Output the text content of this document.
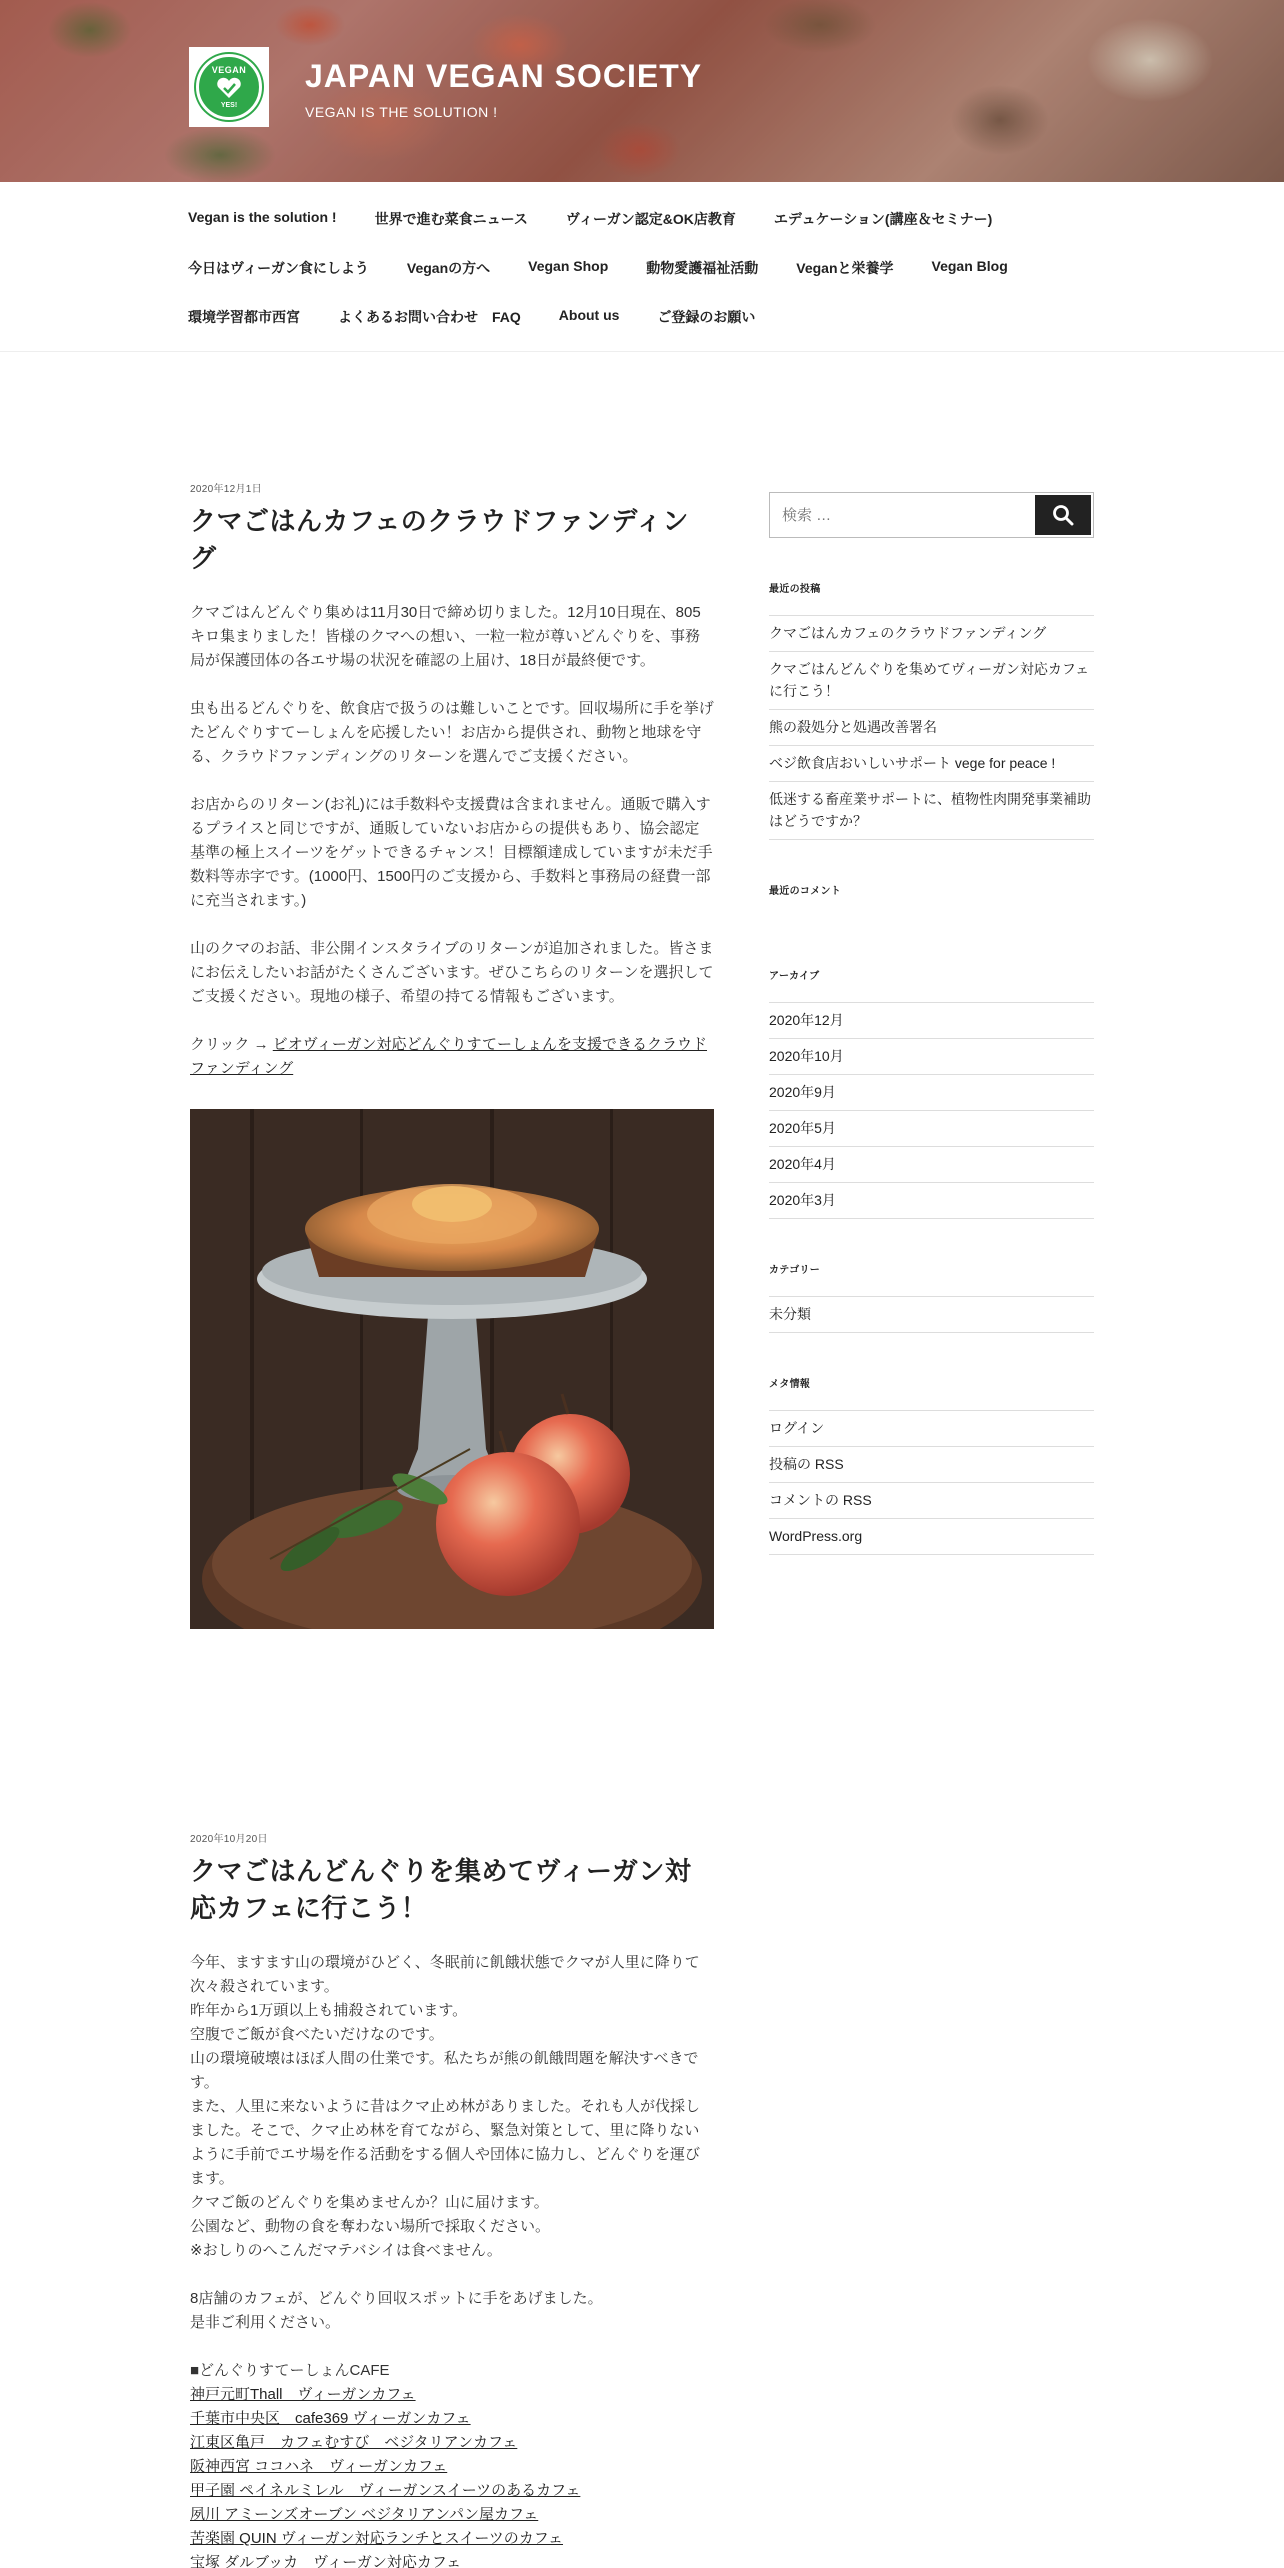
VEGAN
YES!
JAPAN VEGAN SOCIETY
VEGAN IS THE SOLUTION !
Vegan is the solution !	世界で進む菜食ニュース	ヴィーガン認定&OK店教育	エデュケーション(講座＆セミナー)
今日はヴィーガン食にしよう	Veganの方へ	Vegan Shop	動物愛護福祉活動	Veganと栄養学	Vegan Blog
環境学習都市西宮	よくあるお問い合わせ　FAQ	About us	ご登録のお願い
2020年12月1日
クマごはんカフェのクラウドファンディング

クマごはんどんぐり集めは11月30日で締め切りました。12月10日現在、805キロ集まりました！皆様のクマへの想い、一粒一粒が尊いどんぐりを、事務局が保護団体の各エサ場の状況を確認の上届け、18日が最終便です。

虫も出るどんぐりを、飲食店で扱うのは難しいことです。回収場所に手を挙げたどんぐりすてーしょんを応援したい！お店から提供され、動物と地球を守る、クラウドファンディングのリターンを選んでご支援ください。

お店からのリターン(お礼)には手数料や支援費は含まれません。通販で購入するプライスと同じですが、通販していないお店からの提供もあり、協会認定基準の極上スイーツをゲットできるチャンス！目標額達成していますが未だ手数料等赤字です。(1000円、1500円のご支援から、手数料と事務局の経費一部に充当されます。)

山のクマのお話、非公開インスタライブのリターンが追加されました。皆さまにお伝えしたいお話がたくさんございます。ぜひこちらのリターンを選択してご支援ください。現地の様子、希望の持てる情報もございます。

クリック → ビオヴィーガン対応どんぐりすてーしょんを支援できるクラウドファンディング

2020年10月20日
クマごはんどんぐりを集めてヴィーガン対応カフェに行こう！

今年、ますます山の環境がひどく、冬眠前に飢餓状態でクマが人里に降りて次々殺されています。
昨年から1万頭以上も捕殺されています。
空腹でご飯が食べたいだけなのです。
山の環境破壊はほぼ人間の仕業です。私たちが熊の飢餓問題を解決すべきです。
また、人里に来ないように昔はクマ止め林がありました。それも人が伐採しました。そこで、クマ止め林を育てながら、緊急対策として、里に降りないように手前でエサ場を作る活動をする個人や団体に協力し、どんぐりを運びます。
クマご飯のどんぐりを集めませんか？山に届けます。
公園など、動物の食を奪わない場所で採取ください。
※おしりのへこんだマテバシイは食べません。

8店舗のカフェが、どんぐり回収スポットに手をあげました。
是非ご利用ください。

■どんぐりすてーしょんCAFE
神戸元町Thall　ヴィーガンカフェ
千葉市中央区　cafe369 ヴィーガンカフェ
江東区亀戸　カフェむすび　ベジタリアンカフェ
阪神西宮 ココハネ　ヴィーガンカフェ
甲子園 ペイネルミレル　ヴィーガンスイーツのあるカフェ
夙川 アミーンズオーブン ベジタリアンパン屋カフェ
苦楽園 QUIN ヴィーガン対応ランチとスイーツのカフェ
宝塚 ダルブッカ　ヴィーガン対応カフェ

検索 …
最近の投稿
クマごはんカフェのクラウドファンディング
クマごはんどんぐりを集めてヴィーガン対応カフェに行こう！
熊の殺処分と処遇改善署名
ベジ飲食店おいしいサポート vege for peace !
低迷する畜産業サポートに、植物性肉開発事業補助はどうですか？
最近のコメント
アーカイブ
2020年12月
2020年10月
2020年9月
2020年5月
2020年4月
2020年3月
カテゴリー
未分類
メタ情報
ログイン
投稿の RSS
コメントの RSS
WordPress.org
